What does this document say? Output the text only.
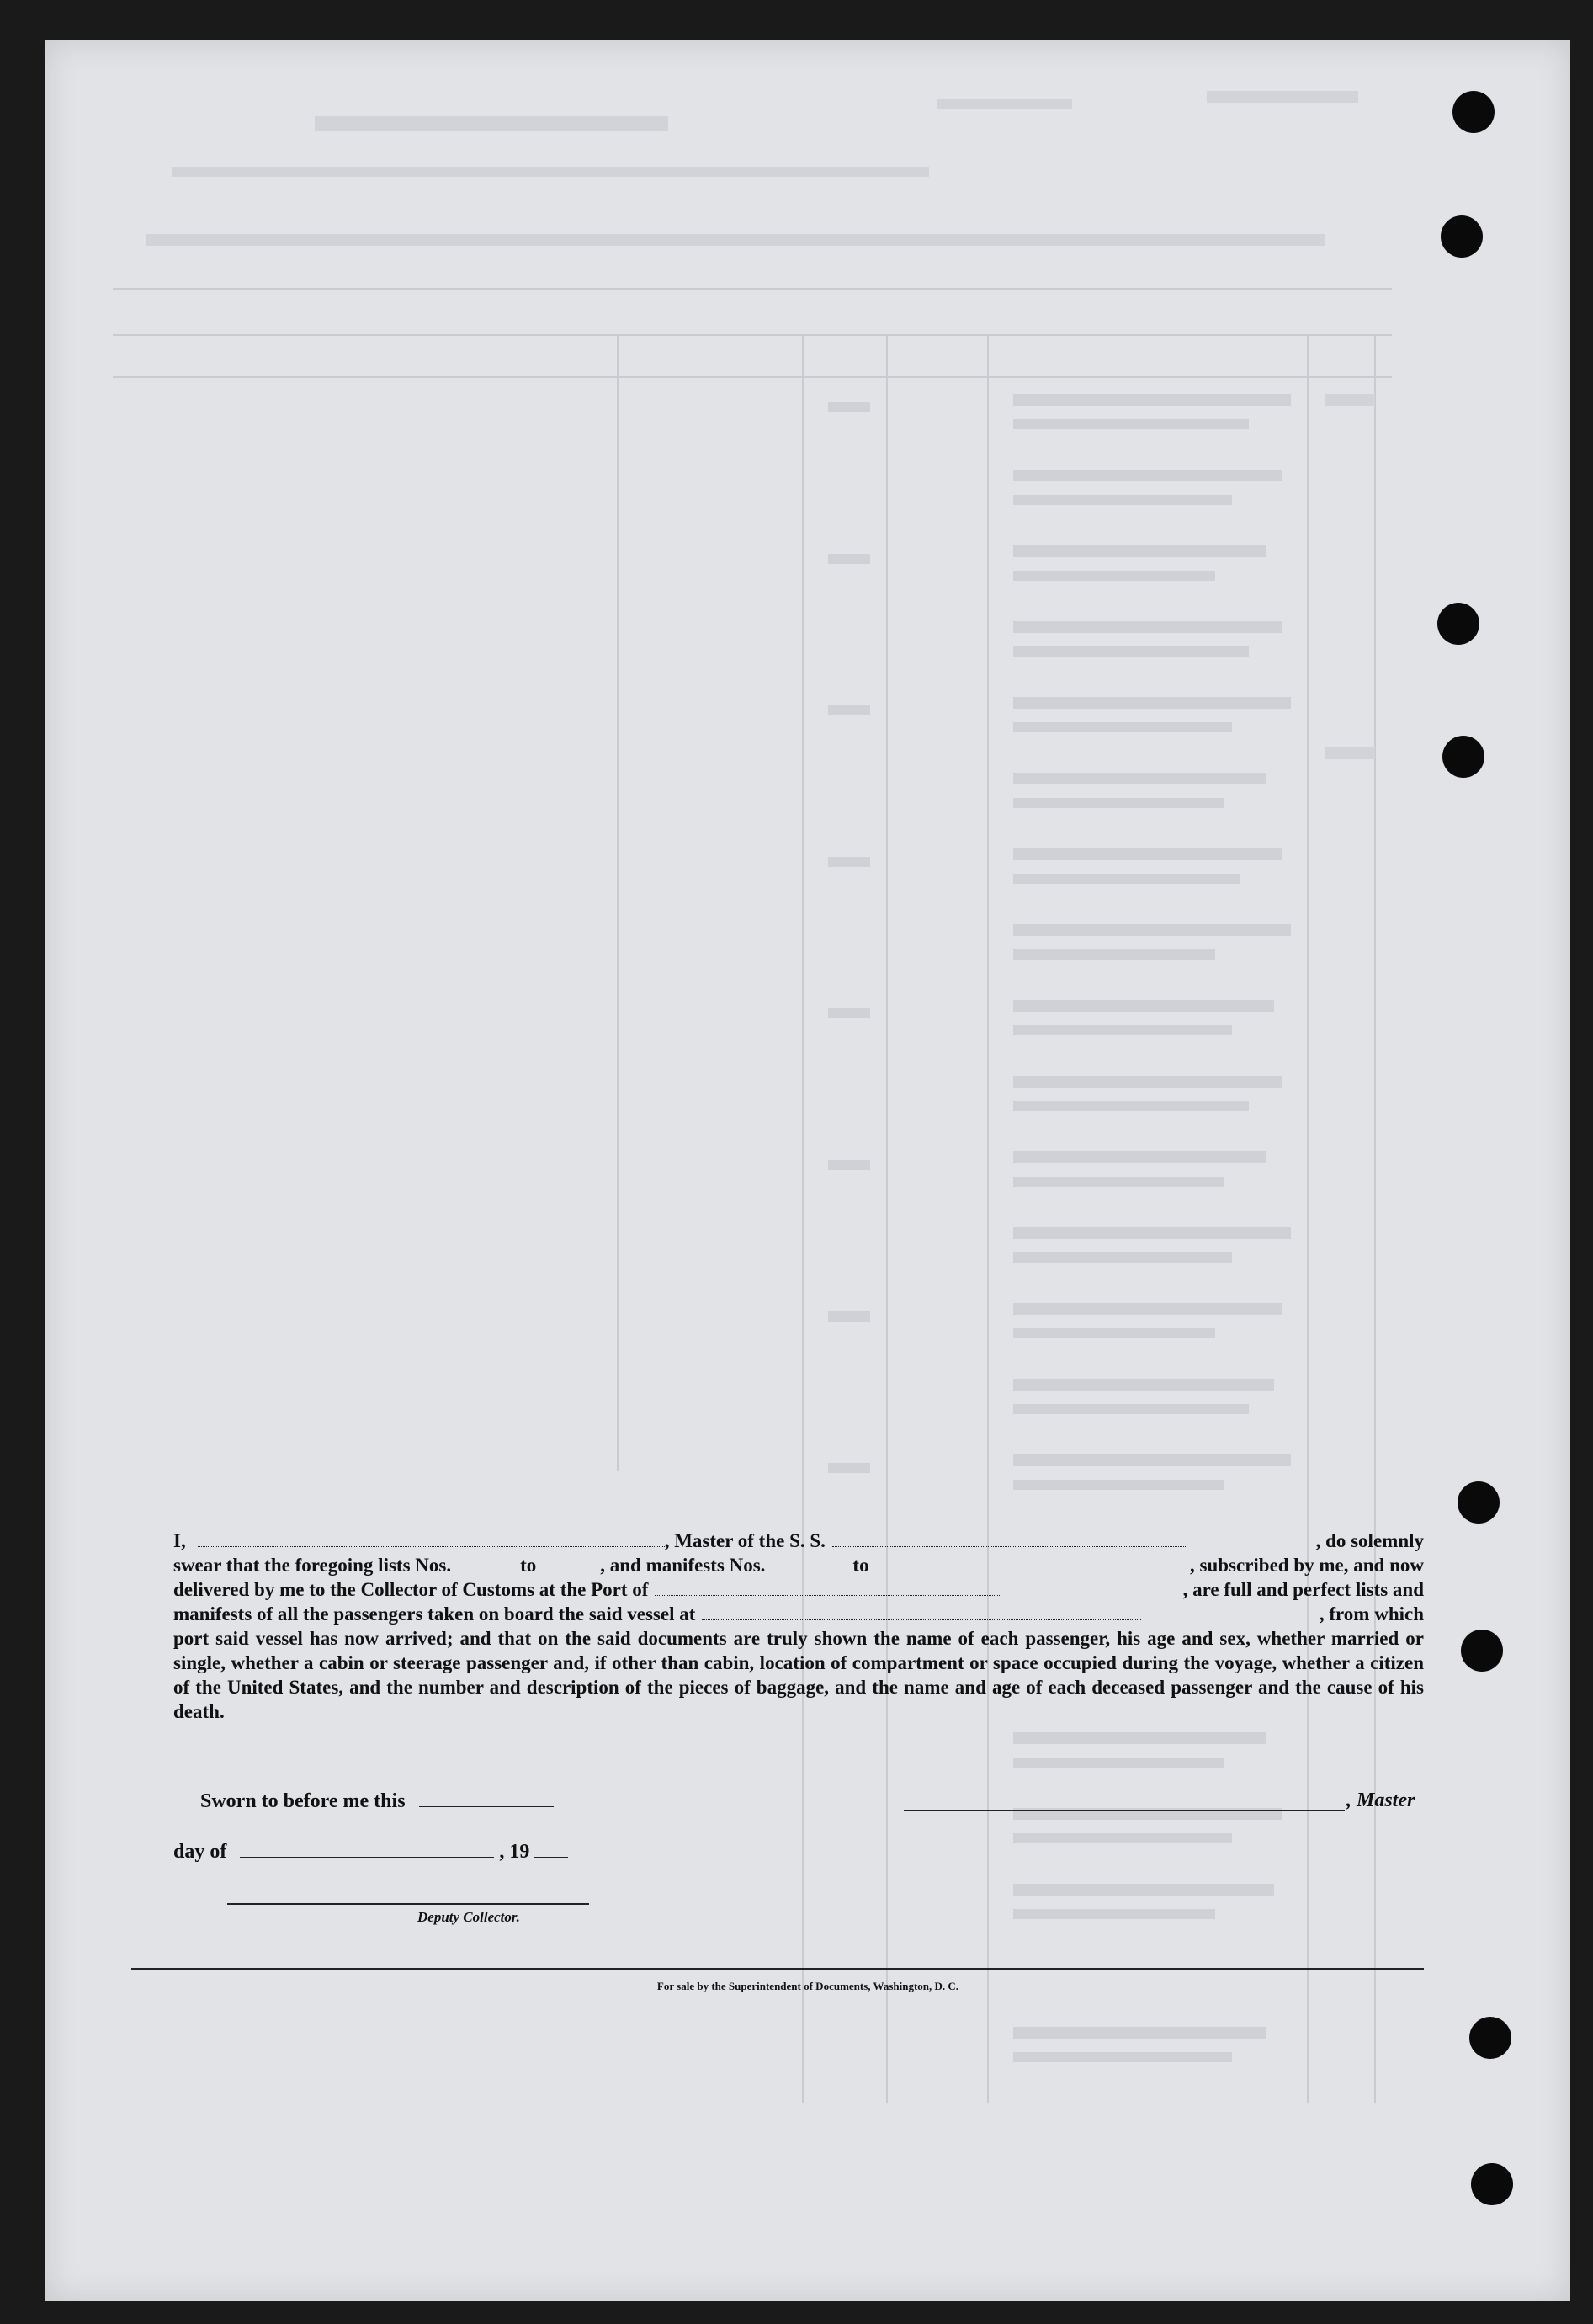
I,	, Master of the S. S.	, do solemnly
swear that the foregoing lists Nos.	to	, and manifests Nos.	to	, subscribed by me, and now
delivered by me to the Collector of Customs at the Port of	, are full and perfect lists and
manifests of all the passengers taken on board the said vessel at	, from which

port said vessel has now arrived; and that on the said documents are truly shown the name of each passenger, his age and sex, whether married or single, whether a cabin or steerage passenger and, if other than cabin, location of compartment or space occupied during the voyage, whether a citizen of the United States, and the number and description of the pieces of baggage, and the name and age of each deceased passenger and the cause of his death.

Sworn to before me this	, Master
day of	, 19
Deputy Collector.
For sale by the Superintendent of Documents, Washington, D. C.
